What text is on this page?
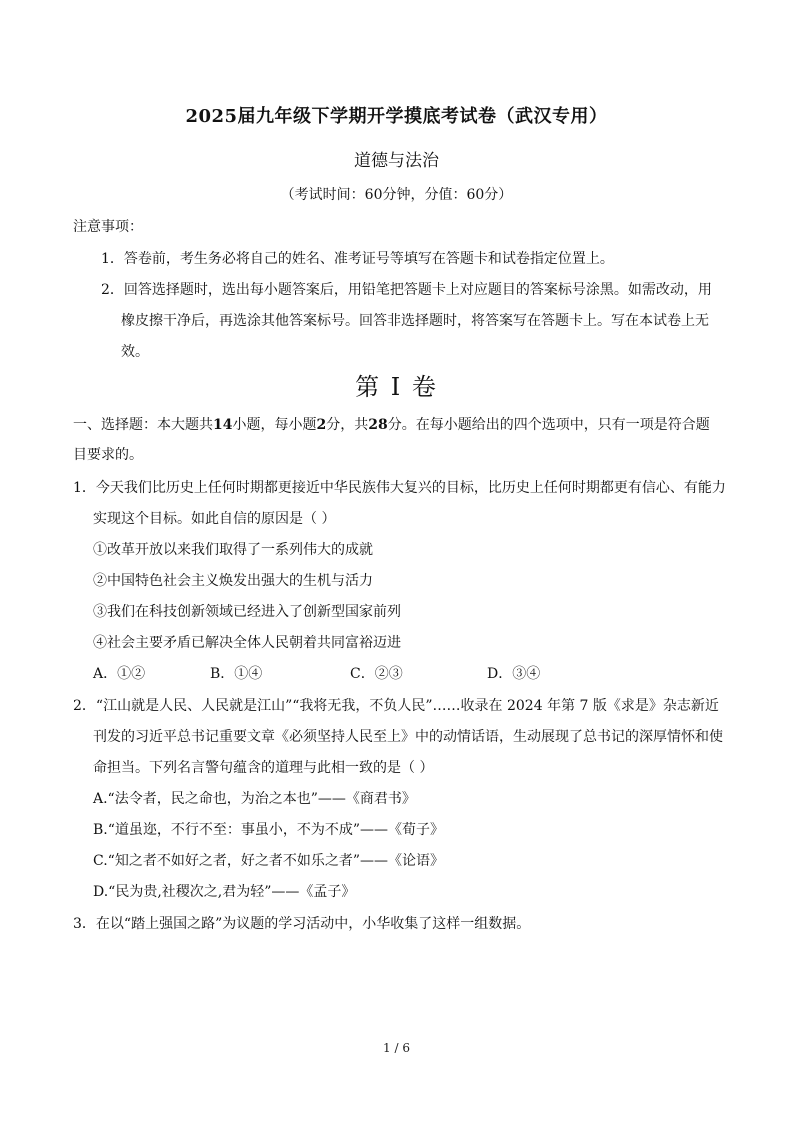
2025届九年级下学期开学摸底考试卷（武汉专用）
道德与法治
（考试时间：60分钟，分值：60分）
注意事项：
1．答卷前，考生务必将自己的姓名、准考证号等填写在答题卡和试卷指定位置上。
2．回答选择题时，选出每小题答案后，用铅笔把答题卡上对应题目的答案标号涂黑。如需改动，用
橡皮擦干净后，再选涂其他答案标号。回答非选择题时，将答案写在答题卡上。写在本试卷上无
效。
第 I 卷
一、选择题：本大题共14小题，每小题2分，共28分。在每小题给出的四个选项中，只有一项是符合题
目要求的。
1．今天我们比历史上任何时期都更接近中华民族伟大复兴的目标，比历史上任何时期都更有信心、有能力
实现这个目标。如此自信的原因是（ ）
①改革开放以来我们取得了一系列伟大的成就
②中国特色社会主义焕发出强大的生机与活力
③我们在科技创新领域已经进入了创新型国家前列
④社会主要矛盾已解决全体人民朝着共同富裕迈进
A．①②	B．①④	C．②③	D．③④
2．“江山就是人民、人民就是江山”“我将无我，不负人民”……收录在 2024 年第 7 版《求是》杂志新近
刊发的习近平总书记重要文章《必须坚持人民至上》中的动情话语，生动展现了总书记的深厚情怀和使
命担当。下列名言警句蕴含的道理与此相一致的是（ ）
A.“法令者，民之命也，为治之本也”——《商君书》
B.“道虽迩，不行不至：事虽小，不为不成”——《荀子》
C.“知之者不如好之者，好之者不如乐之者”——《论语》
D.“民为贵,社稷次之,君为轻”——《孟子》
3．在以“踏上强国之路”为议题的学习活动中，小华收集了这样一组数据。
1 / 6
